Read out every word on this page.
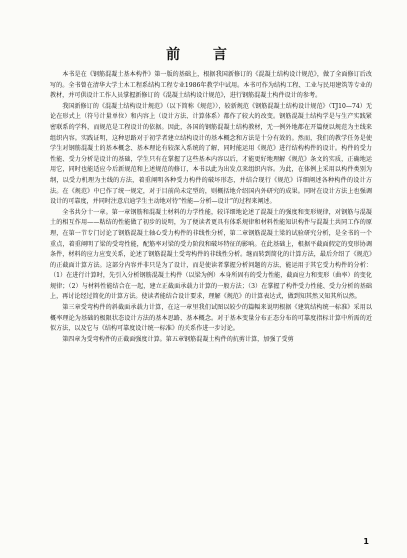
前 言

本书是在《钢筋混凝土基本构件》第一版的基础上，根据我国新修订的《混凝土结构设计规范》，做了全面修订后改写的。全书曾在清华大学土木工程系结构工程专业1986年教学中试用。本书可作为结构工程、工业与民用建筑等专业的教材，并可供设计工作人员掌握新修订的《混凝土结构设计规范》，进行钢筋混凝土构件设计的参考。

我国新修订的《混凝土结构设计规范》（以下简称《规范》），较新规范《钢筋混凝土结构设计规范》（TJ10—74）无论在形式上（符号计量单位）和内容上（设计方法、计算体系）都作了较大的改变。钢筋混凝土结构学是与生产实践紧密联系的学科，而规范是工程设计的依据。因此，各国的钢筋混凝土结构教材，无一例外地都在开篇便以规范为主线来组织内容。实践证明，这种思路对于初学者建立结构设计的基本概念和方法是十分有效的。然而，我们的教学任务是使学生对钢筋混凝土的基本概念、基本理论有较深入系统的了解，同时能运用《规范》进行结构构件的设计。构件的受力性能、受力分析是设计的基础，学生只有在掌握了这些基本内容以后，才能更好地理解《规范》条文的实质，正确地运用它，同时也能适应今后新规范和上述规范的修订，本书以此为出发点来组织内容。为此，在体例上采用以构件类别为纲，以受力机理为主线的方法，着重阐明各种受力构件的破坏形态，并结合现行《规范》详细阐述各种构件的设计方法。在《规范》中已作了统一规定，对于目前尚未定型的，则概括地介绍国内外研究的成果。同时在设计方法上也强调设计的可靠度，并同时注意启迪学生主动地对待“性能—分析—设计”的过程来阐述。

全书共分十一章。第一章钢筋和混凝土材料的力学性能，较详细地论述了混凝土的强度和变形规律，对钢筋与混凝土的相互作用——粘结的性能做了初步的说明，为了便读者更具有体系规律和材料性能知识构件与混凝土共同工作的原理，在第一节专门讨论了钢筋混凝土轴心受力构件的非线性分析，第二章钢筋混凝土梁的试验研究分析，是全书的一个重点，着重阐明了梁的受弯性能，配筋率对梁的受力阶段和破坏特征的影响。在此基础上，根据平截面假定的变形协调条件，材料的应力应变关系，论述了钢筋混凝土受弯构件的非线性分析。继而转到简化的计算方法，最后介绍了《规范》的正截面计算方法。这部分内容并非只是为了设计，而是使读者掌握分析问题的方法，能运用于其它受力构件的分析：（1）在进行计算时，先引入分析钢筋混凝土构件（以梁为例）本身所固有的受力性能，截面应力和变形（曲率）的变化规律；（2）与材料性能结合在一起，建立正截面承载力计算的一般方法；（3）在掌握了构件受力性能、受力分析的基础上，再讨论经过简化的计算方法。使读者能结合设计要求，理解《规范》的计算表达式，做到知其然又知其所以然。

第三章受弯构件的斜截面承载力计算，在这一章里我们试图以较少的篇幅来说明根据《建筑结构统一标准》采用以概率理论为基础的极限状态设计方法的基本思路、基本概念。对于基本变量分布正态分布的可靠度指标计算中所需的近似方法，以及它与《结构可靠度设计统一标准》的关系作进一步讨论。

第四章为受弯构件的正截面强度计算。第五章钢筋混凝土构件的抗剪计算，加强了受剪

1
